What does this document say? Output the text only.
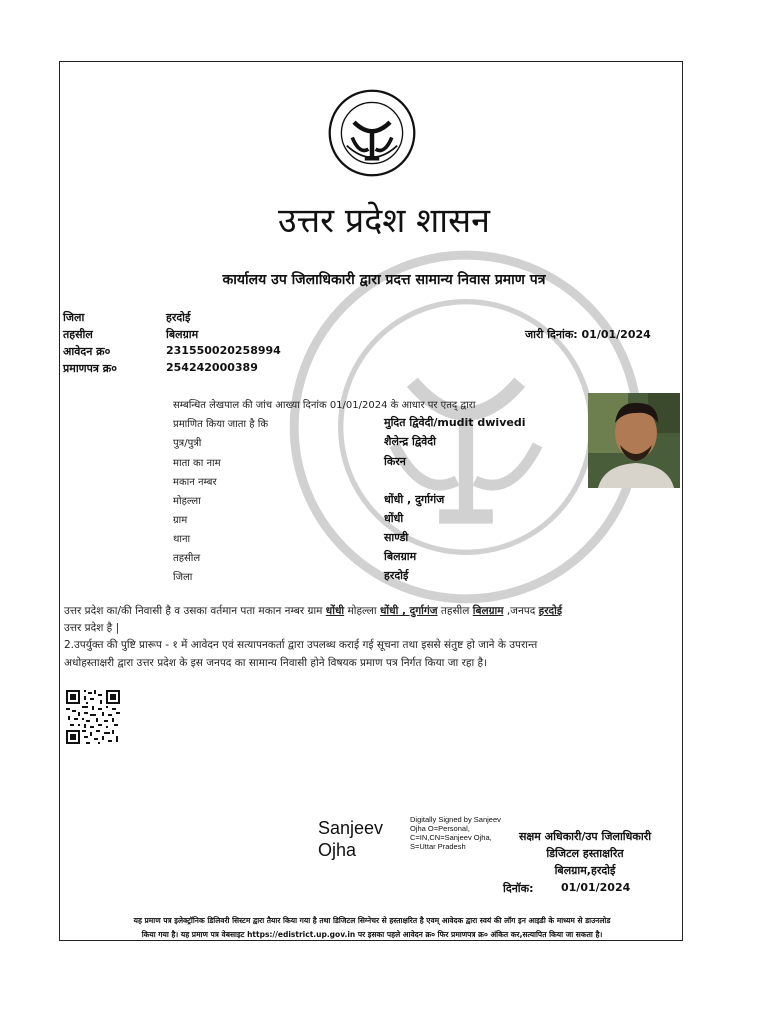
उत्तर प्रदेश शासन
कार्यालय उप जिलाधिकारी द्वारा प्रदत्त सामान्य निवास प्रमाण पत्र
जिला	हरदोई
तहसील	बिलग्राम
आवेदन क्र०	231550020258994
प्रमाणपत्र क्र०	254242000389
जारी दिनांक: 01/01/2024
सम्बन्धित लेखपाल की जांच आख्या दिनांक 01/01/2024 के आधार पर एतद् द्वारा
प्रमाणित किया जाता है कि	मुदित द्विवेदी/mudit dwivedi
पुत्र/पुत्री	शैलेन्द्र द्विवेदी
माता का नाम	किरन
मकान नम्बर
मोहल्ला	धोंधी , दुर्गागंज
ग्राम	धोंधी
थाना	साण्डी
तहसील	बिलग्राम
जिला	हरदोई
उत्तर प्रदेश का/की निवासी है व उसका वर्तमान पता मकान नम्बर ग्राम धोंधी मोहल्ला धोंधी , दुर्गागंज तहसील बिलग्राम ,जनपद हरदोई
उत्तर प्रदेश है |
2.उपर्युक्त की पुष्टि प्रारूप - १ में आवेदन एवं सत्यापनकर्ता द्वारा उपलब्ध कराई गई सूचना तथा इससे संतुष्ट हो जाने के उपरान्त
अधोहस्ताक्षरी द्वारा उत्तर प्रदेश के इस जनपद का सामान्य निवासी होने विषयक प्रमाण पत्र निर्गत किया जा रहा है।
Sanjeev
Ojha
Digitally Signed by Sanjeev
Ojha O=Personal,
C=IN,CN=Sanjeev Ojha,
S=Uttar Pradesh
सक्षम अधिकारी/उप जिलाधिकारी
डिजिटल हस्ताक्षरित
बिलग्राम,हरदोई
दिनॉक:	01/01/2024
यह प्रमाण पत्र इलेक्ट्रॉनिक डिलिवरी सिस्टम द्वारा तैयार किया गया है तथा डिजिटल सिग्नेचर से हस्ताक्षरित है एवम् आवेदक द्वारा स्वयं की लॉग इन आइडी के माध्यम से डाउनलोड
किया गया है। यह प्रमाण पत्र वेबसाइट https://edistrict.up.gov.in पर इसका पहले आवेदन क्र० फिर प्रमाणपत्र क्र० अंकित कर,सत्यापित किया जा सकता है।
